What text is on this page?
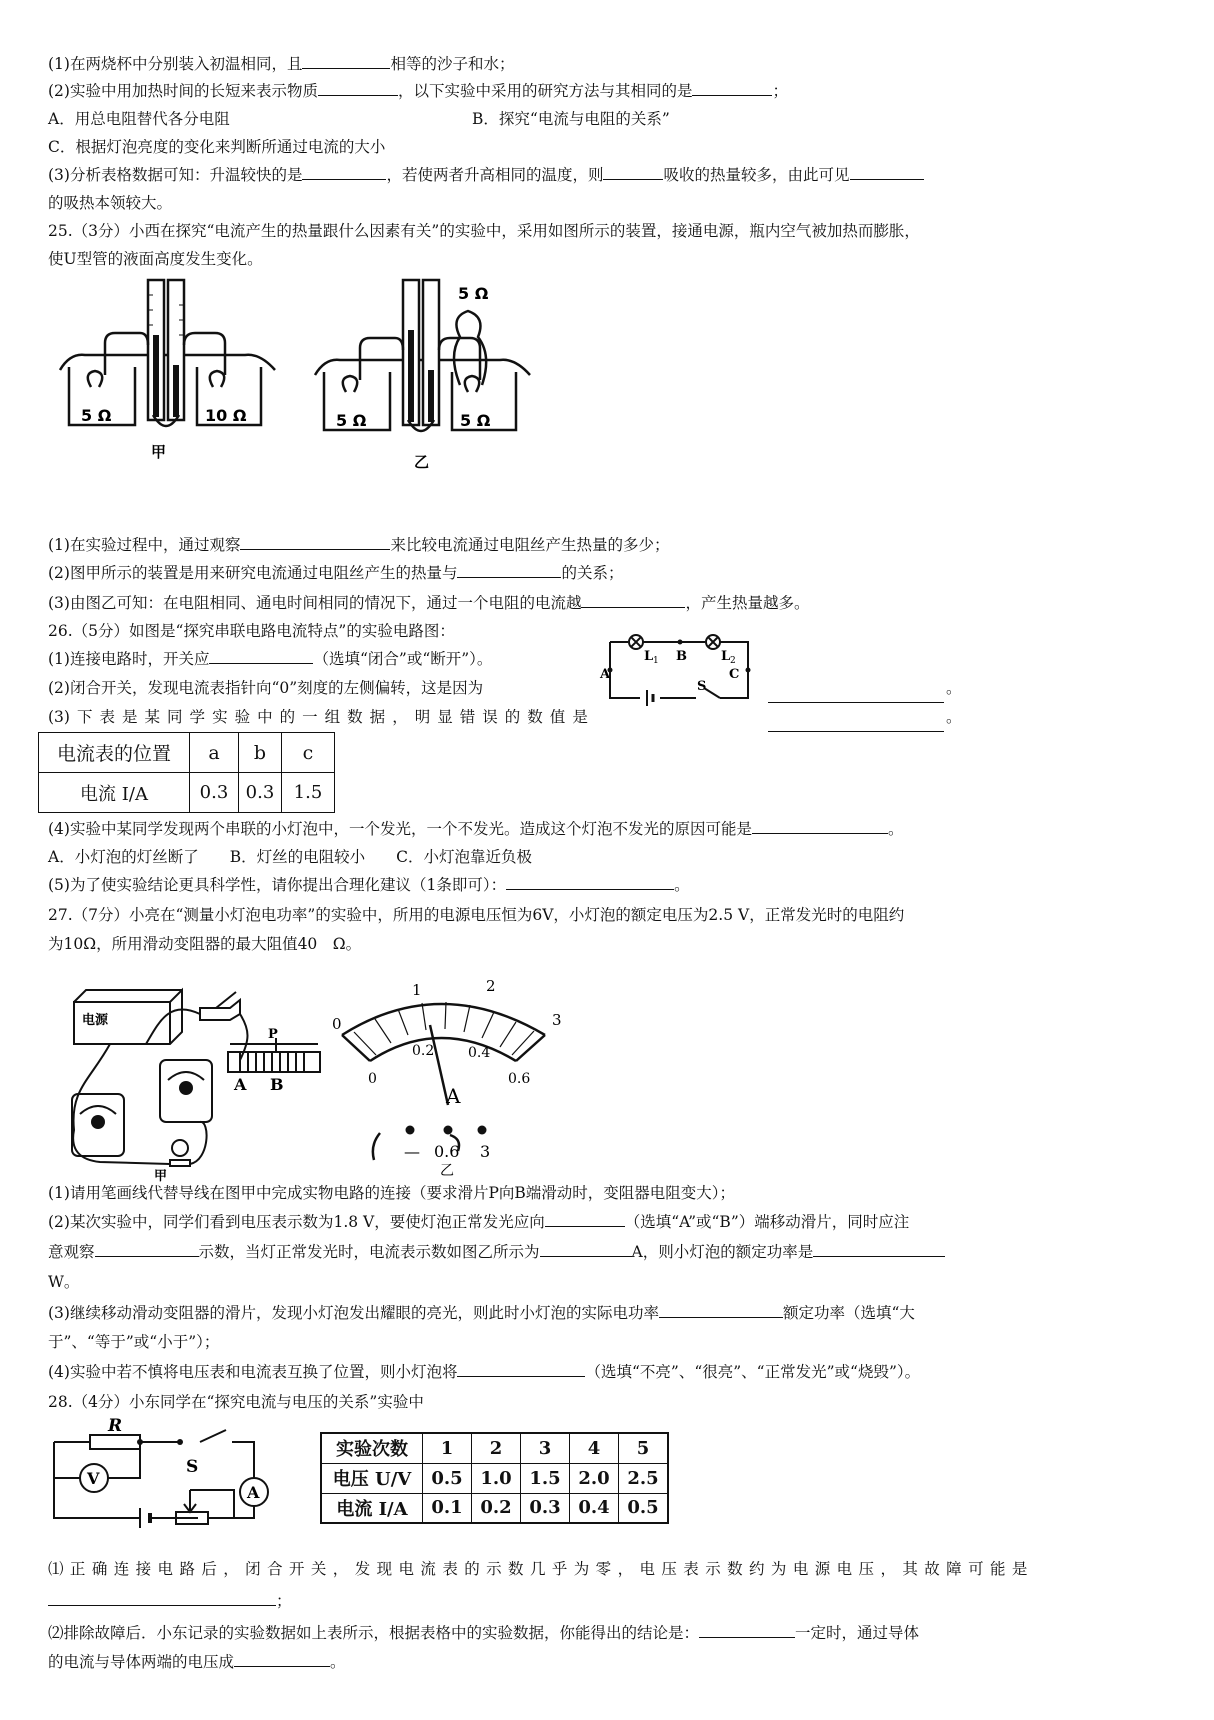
(1)在两烧杯中分别装入初温相同，且	相等的沙子和水；
(2)实验中用加热时间的长短来表示物质	，以下实验中采用的研究方法与其相同的是	；
A．用总电阻替代各分电阻	B．探究“电流与电阻的关系”
C．根据灯泡亮度的变化来判断所通过电流的大小
(3)分析表格数据可知：升温较快的是	，若使两者升高相同的温度，则	吸收的热量较多，由此可见
的吸热本领较大。
25.（3分）小西在探究“电流产生的热量跟什么因素有关”的实验中，采用如图所示的装置，接通电源，瓶内空气被加热而膨胀，
使U型管的液面高度发生变化。
5 Ω	10 Ω
甲
5 Ω
5 Ω	5 Ω
乙
(1)在实验过程中，通过观察	来比较电流通过电阻丝产生热量的多少；
(2)图甲所示的装置是用来研究电流通过电阻丝产生的热量与	的关系；
(3)由图乙可知：在电阻相同、通电时间相同的情况下，通过一个电阻的电流越	，产生热量越多。
26.（5分）如图是“探究串联电路电流特点”的实验电路图：
L 1	L 2
A
B
C
S
(1)连接电路时，开关应	（选填“闭合”或“断开”）。
(2)闭合开关，发现电流表指针向“0”刻度的左侧偏转，这是因为	。
(3) 下 表 是 某 同 学 实 验 中 的 一 组 数 据 ， 明 显 错 误 的 数 值 是	。
电流表的位置	a	b	c
电流 I/A	0.3	0.3	1.5
(4)实验中某同学发现两个串联的小灯泡中，一个发光，一个不发光。造成这个灯泡不发光的原因可能是	。
A．小灯泡的灯丝断了　　B．灯丝的电阻较小　　C．小灯泡靠近负极
(5)为了使实验结论更具科学性，请你提出合理化建议（1条即可）：	。
27.（7分）小亮在“测量小灯泡电功率”的实验中，所用的电源电压恒为6V，小灯泡的额定电压为2.5 V，正常发光时的电阻约
为10Ω，所用滑动变阻器的最大阻值40　Ω。
电源
P
A B
甲
0
1	2
3
0
0.2 0.4
0.6
A
— 0.6 3
乙
(1)请用笔画线代替导线在图甲中完成实物电路的连接（要求滑片P向B端滑动时，变阻器电阻变大）；
(2)某次实验中，同学们看到电压表示数为1.8 V，要使灯泡正常发光应向	（选填“A”或“B”）端移动滑片，同时应注
意观察	示数，当灯正常发光时，电流表示数如图乙所示为	A，则小灯泡的额定功率是
W。
(3)继续移动滑动变阻器的滑片，发现小灯泡发出耀眼的亮光，则此时小灯泡的实际电功率	额定功率（选填“大
于”、“等于”或“小于”）；
(4)实验中若不慎将电压表和电流表互换了位置，则小灯泡将	（选填“不亮”、“很亮”、“正常发光”或“烧毁”）。
28.（4分）小东同学在“探究电流与电压的关系”实验中
R
S
V
A
实验次数	1	2	3	4	5
电压 U/V	0.5	1.0	1.5	2.0	2.5
电流 I/A	0.1	0.2	0.3	0.4	0.5
⑴ 正 确 连 接 电 路 后 ， 闭 合 开 关 ， 发 现 电 流 表 的 示 数 几 乎 为 零 ， 电 压 表 示 数 约 为 电 源 电 压 ， 其 故 障 可 能 是
；
⑵排除故障后．小东记录的实验数据如上表所示，根据表格中的实验数据，你能得出的结论是：	一定时，通过导体
的电流与导体两端的电压成	。
